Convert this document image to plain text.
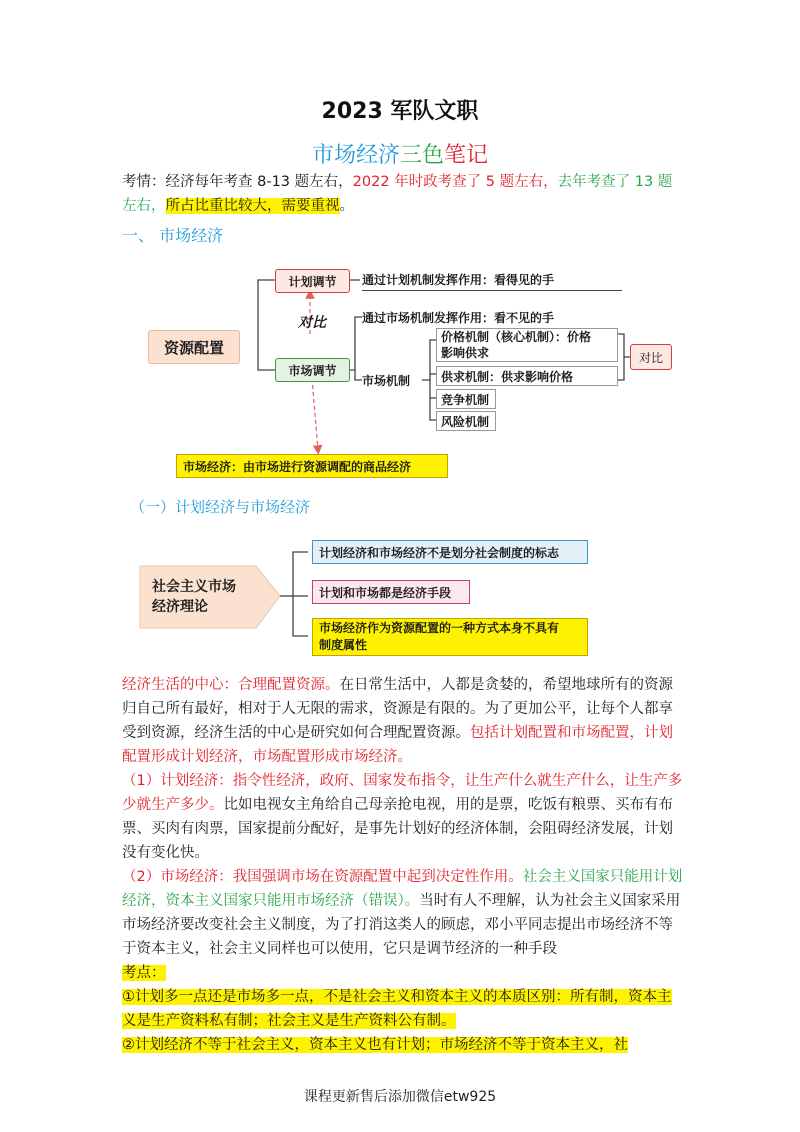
2023 军队文职
市场经济三色笔记
考情：经济每年考查 8-13 题左右，2022 年时政考查了 5 题左右，去年考查了 13 题左右，所占比重比较大，需要重视。
一、 市场经济
资源配置
计划调节
市场调节
对比
通过计划机制发挥作用：看得见的手
通过市场机制发挥作用：看不见的手
市场机制
价格机制（核心机制）：价格
影响供求
供求机制：供求影响价格
竞争机制
风险机制
对比
市场经济：由市场进行资源调配的商品经济
（一）计划经济与市场经济
社会主义市场
经济理论
计划经济和市场经济不是划分社会制度的标志
计划和市场都是经济手段
市场经济作为资源配置的一种方式本身不具有
制度属性

经济生活的中心：合理配置资源。在日常生活中，人都是贪婪的，希望地球所有的资源归自己所有最好，相对于人无限的需求，资源是有限的。为了更加公平，让每个人都享受到资源，经济生活的中心是研究如何合理配置资源。包括计划配置和市场配置，计划配置形成计划经济，市场配置形成市场经济。

（1）计划经济：指令性经济，政府、国家发布指令，让生产什么就生产什么，让生产多少就生产多少。比如电视女主角给自己母亲抢电视，用的是票，吃饭有粮票、买布有布票、买肉有肉票，国家提前分配好，是事先计划好的经济体制，会阻碍经济发展，计划没有变化快。

（2）市场经济：我国强调市场在资源配置中起到决定性作用。社会主义国家只能用计划经济，资本主义国家只能用市场经济（错误）。当时有人不理解，认为社会主义国家采用市场经济要改变社会主义制度，为了打消这类人的顾虑，邓小平同志提出市场经济不等于资本主义，社会主义同样也可以使用，它只是调节经济的一种手段

考点：

①计划多一点还是市场多一点，不是社会主义和资本主义的本质区别：所有制，资本主义是生产资料私有制；社会主义是生产资料公有制。

②计划经济不等于社会主义，资本主义也有计划；市场经济不等于资本主义，社

课程更新售后添加微信etw925
